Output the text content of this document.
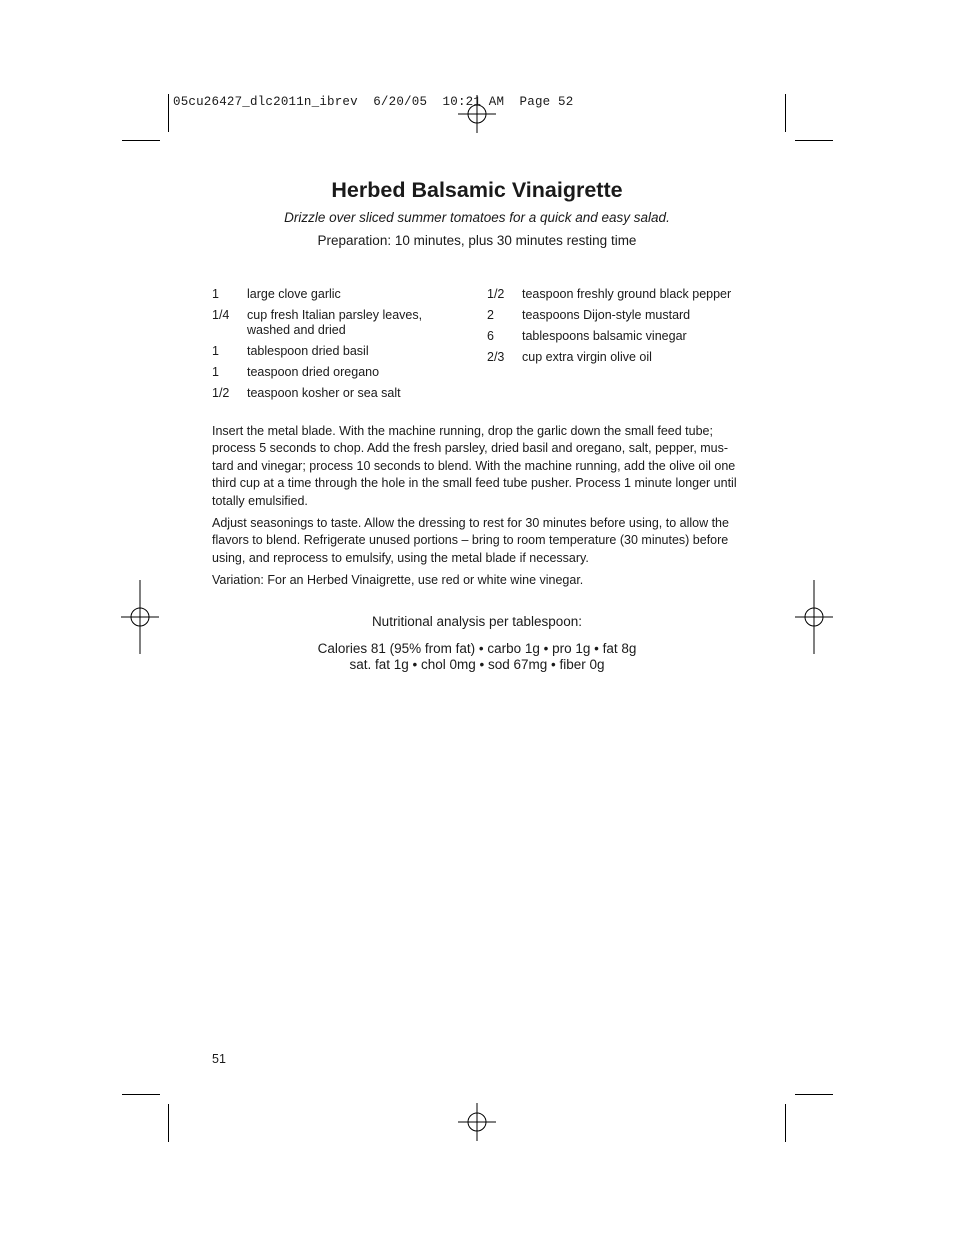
05cu26427_dlc2011n_ibrev  6/20/05  10:21 AM  Page 52
Herbed Balsamic Vinaigrette
Drizzle over sliced summer tomatoes for a quick and easy salad.
Preparation: 10 minutes, plus 30 minutes resting time
1	large clove garlic
1/4	cup fresh Italian parsley leaves, washed and dried
1	tablespoon dried basil
1	teaspoon dried oregano
1/2	teaspoon kosher or sea salt
1/2	teaspoon freshly ground black pepper
2	teaspoons Dijon-style mustard
6	tablespoons balsamic vinegar
2/3	cup extra virgin olive oil

Insert the metal blade. With the machine running, drop the garlic down the small feed tube; process 5 seconds to chop. Add the fresh parsley, dried basil and oregano, salt, pepper, mustard and vinegar; process 10 seconds to blend. With the machine running, add the olive oil one third cup at a time through the hole in the small feed tube pusher. Process 1 minute longer until totally emulsified.

Adjust seasonings to taste. Allow the dressing to rest for 30 minutes before using, to allow the flavors to blend. Refrigerate unused portions – bring to room temperature (30 minutes) before using, and reprocess to emulsify, using the metal blade if necessary.

Variation: For an Herbed Vinaigrette, use red or white wine vinegar.

Nutritional analysis per tablespoon:
Calories 81 (95% from fat) • carbo 1g • pro 1g • fat 8g
sat. fat 1g • chol 0mg • sod 67mg • fiber 0g
51
